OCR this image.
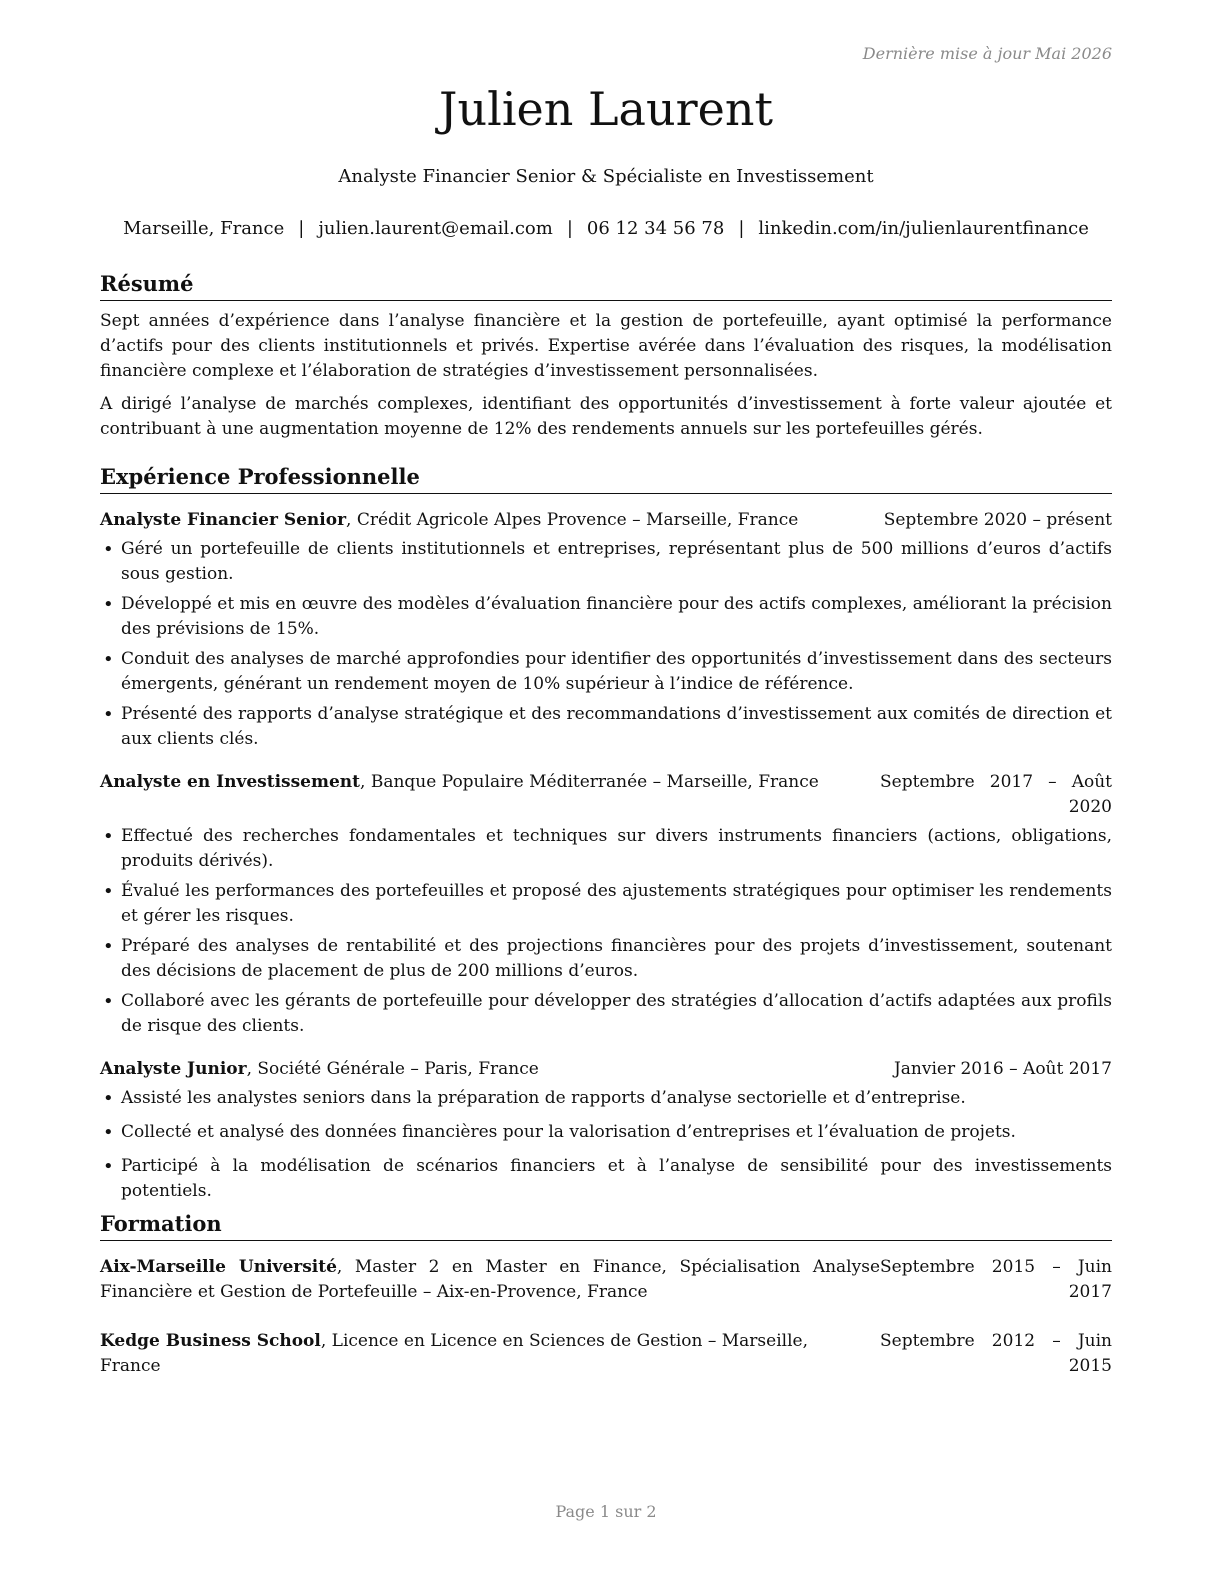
Dernière mise à jour Mai 2026
Julien Laurent
Analyste Financier Senior & Spécialiste en Investissement
Marseille, France | julien.laurent@email.com | 06 12 34 56 78 | linkedin.com/in/julienlaurentfinance
Résumé

Sept années d’expérience dans l’analyse financière et la gestion de portefeuille, ayant optimisé la performance d’actifs pour des clients institutionnels et privés. Expertise avérée dans l’évaluation des risques, la modélisation financière complexe et l’élaboration de stratégies d’investissement personnalisées.

A dirigé l’analyse de marchés complexes, identifiant des opportunités d’investissement à forte valeur ajoutée et contribuant à une augmentation moyenne de 12% des rendements annuels sur les portefeuilles gérés.

Expérience Professionnelle
Analyste Financier Senior, Crédit Agricole Alpes Provence – Marseille, France	Septembre 2020 – présent
• Géré un portefeuille de clients institutionnels et entreprises, représentant plus de 500 millions d’euros d’actifs sous gestion.
• Développé et mis en œuvre des modèles d’évaluation financière pour des actifs complexes, améliorant la précision des prévisions de 15%.
• Conduit des analyses de marché approfondies pour identifier des opportunités d’investissement dans des secteurs émergents, générant un rendement moyen de 10% supérieur à l’indice de référence.
• Présenté des rapports d’analyse stratégique et des recommandations d’investissement aux comités de direction et aux clients clés.
Analyste en Investissement, Banque Populaire Méditerranée – Marseille, France	Septembre 2017 – Août 2020
• Effectué des recherches fondamentales et techniques sur divers instruments financiers (actions, obligations, produits dérivés).
• Évalué les performances des portefeuilles et proposé des ajustements stratégiques pour optimiser les rendements et gérer les risques.
• Préparé des analyses de rentabilité et des projections financières pour des projets d’investissement, soutenant des décisions de placement de plus de 200 millions d’euros.
• Collaboré avec les gérants de portefeuille pour développer des stratégies d’allocation d’actifs adaptées aux profils de risque des clients.
Analyste Junior, Société Générale – Paris, France	Janvier 2016 – Août 2017
• Assisté les analystes seniors dans la préparation de rapports d’analyse sectorielle et d’entreprise.
• Collecté et analysé des données financières pour la valorisation d’entreprises et l’évaluation de projets.
• Participé à la modélisation de scénarios financiers et à l’analyse de sensibilité pour des investissements potentiels.
Formation
Aix-Marseille Université, Master 2 en Master en Finance, Spécialisation Analyse Financière et Gestion de Portefeuille – Aix-en-Provence, France
Septembre 2015 – Juin 2017
Kedge Business School, Licence en Licence en Sciences de Gestion – Marseille, France
Septembre 2012 – Juin 2015
Page 1 sur 2
